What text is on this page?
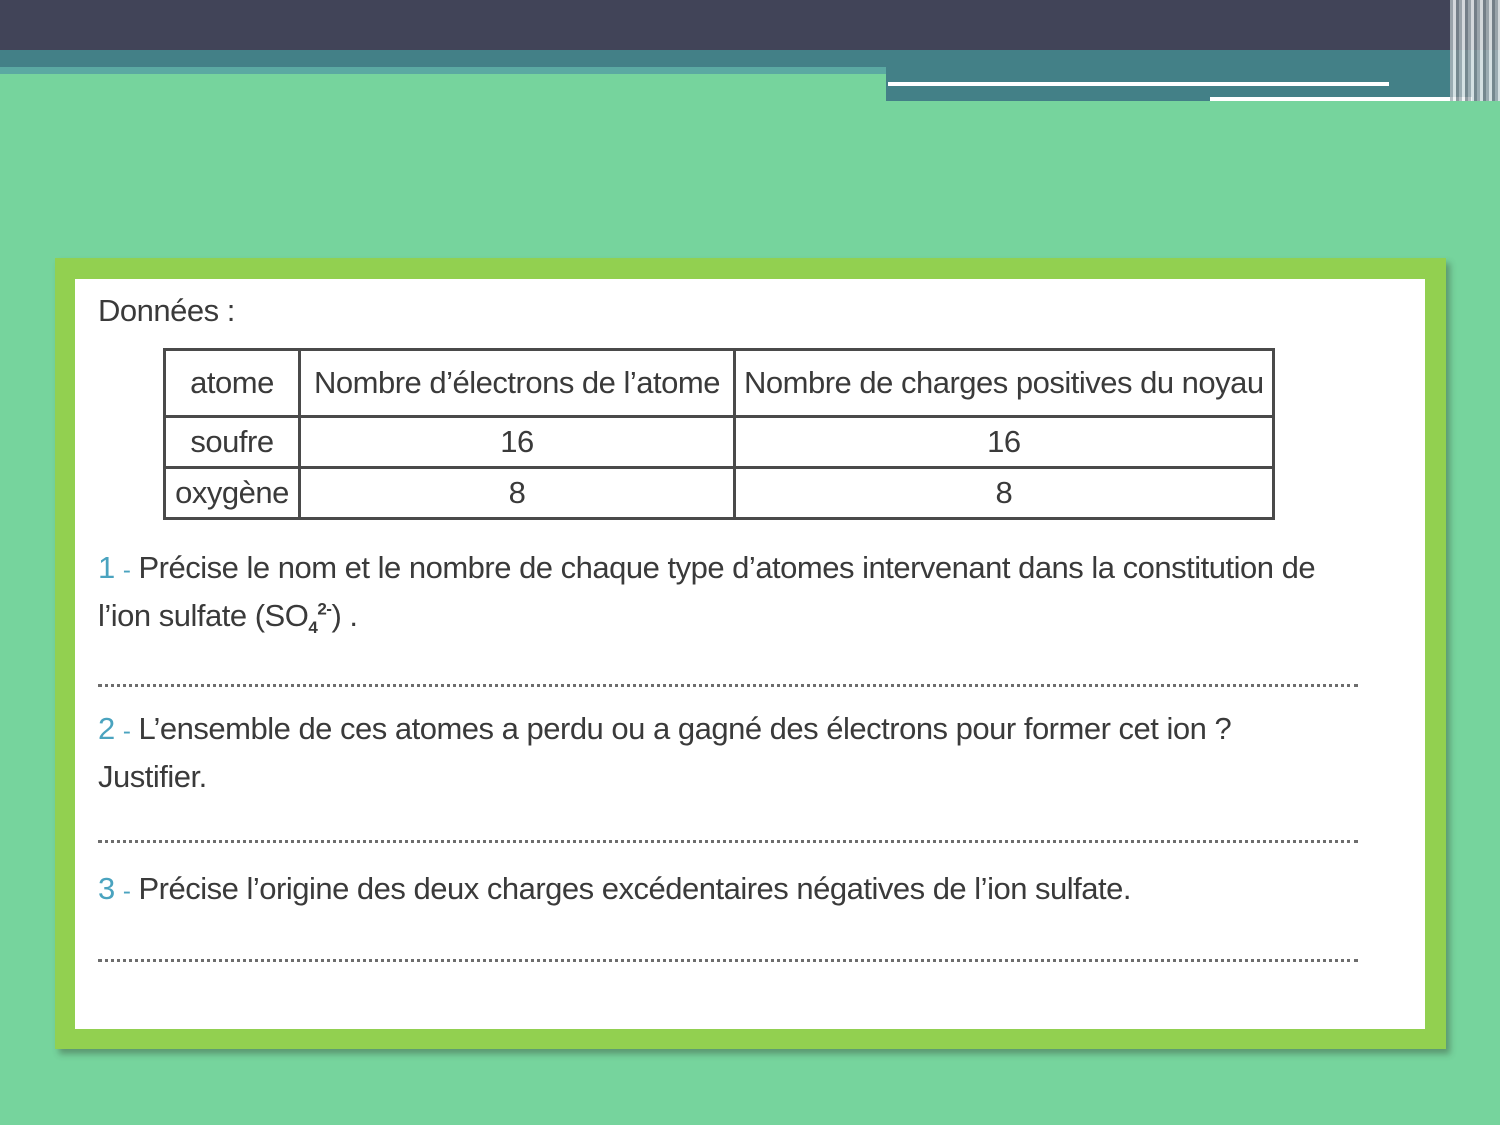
Données :
atome	Nombre d’électrons de l’atome	Nombre de charges positives du noyau
soufre	16	16
oxygène	8	8
1 - Précise le nom et le nombre de chaque type d’atomes intervenant dans la constitution de l’ion sulfate $(SO_4^{2-})$ .
2 - L’ensemble de ces atomes a perdu ou a gagné des électrons pour former cet ion ? Justifier.
3 - Précise l’origine des deux charges excédentaires négatives de l’ion sulfate.
